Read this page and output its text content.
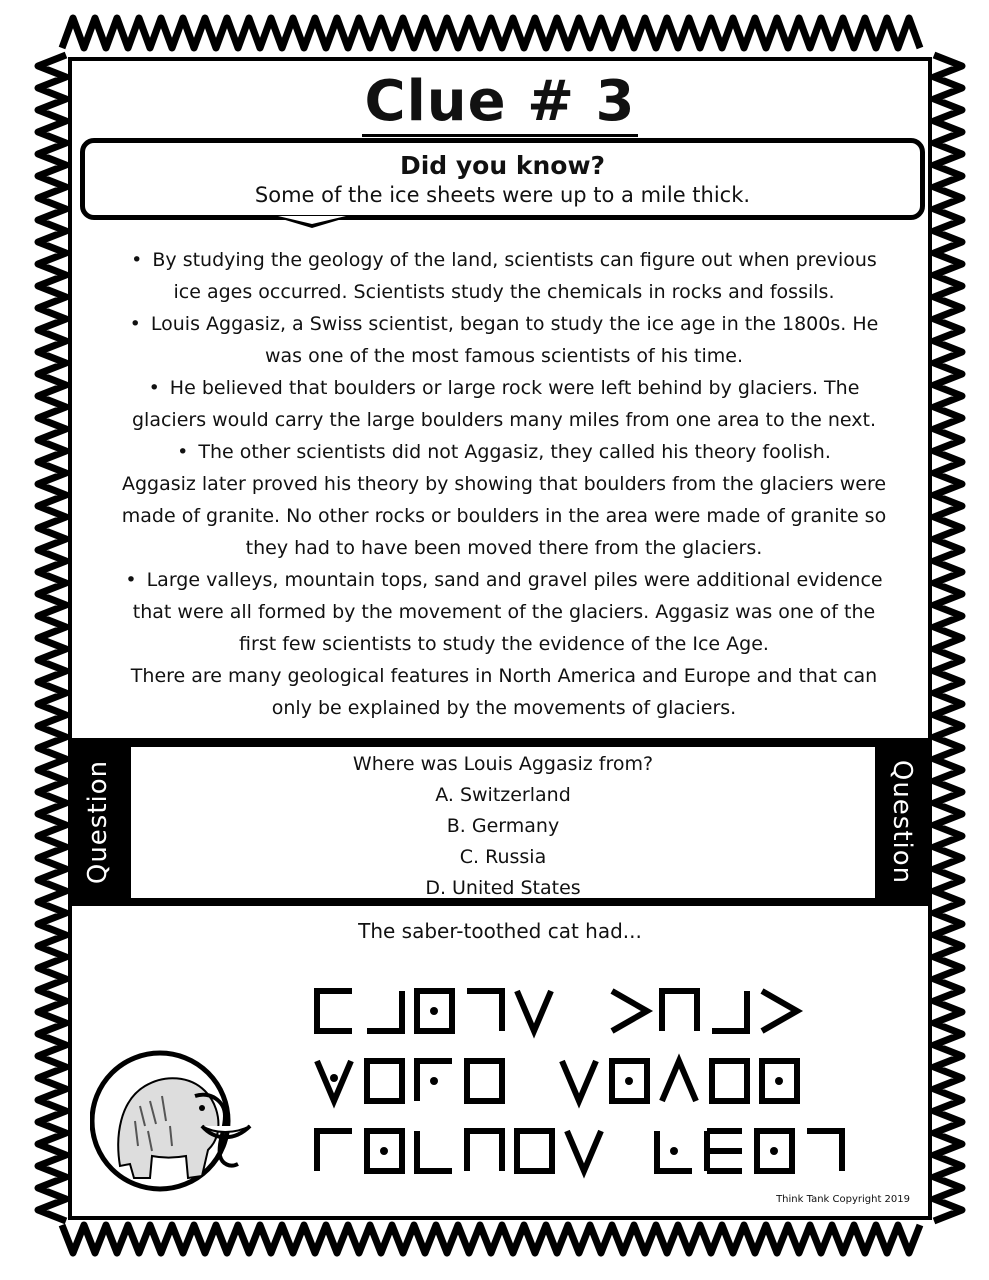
Clue # 3
Did you know?
Some of the ice sheets were up to a mile thick.
• By studying the geology of the land, scientists can figure out when previous
ice ages occurred. Scientists study the chemicals in rocks and fossils.
• Louis Aggasiz, a Swiss scientist, began to study the ice age in the 1800s. He
was one of the most famous scientists of his time.
• He believed that boulders or large rock were left behind by glaciers. The
glaciers would carry the large boulders many miles from one area to the next.
• The other scientists did not Aggasiz, they called his theory foolish.
Aggasiz later proved his theory by showing that boulders from the glaciers were
made of granite. No other rocks or boulders in the area were made of granite so
they had to have been moved there from the glaciers.
• Large valleys, mountain tops, sand and gravel piles were additional evidence
that were all formed by the movement of the glaciers. Aggasiz was one of the
first few scientists to study the evidence of the Ice Age.
There are many geological features in North America and Europe and that can
only be explained by the movements of glaciers.
Question	Where was Louis Aggasiz from?
A. Switzerland
B. Germany
C. Russia
D. United States
Question
The saber-toothed cat had...
Think Tank Copyright 2019
